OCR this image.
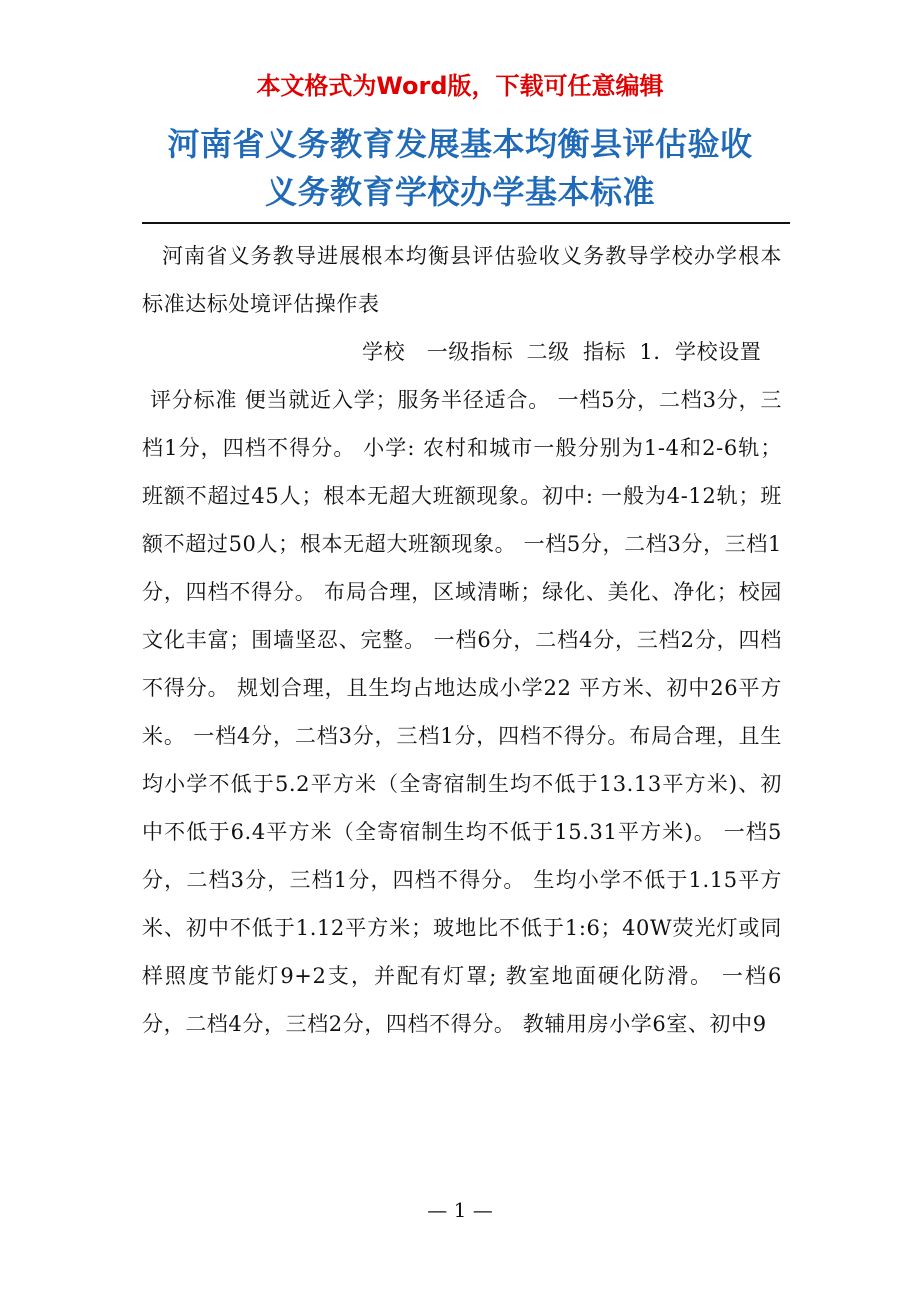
本文格式为Word版，下载可任意编辑
河南省义务教育发展基本均衡县评估验收
义务教育学校办学基本标准

河南省义务教导进展根本均衡县评估验收义务教导学校办学根本标准达标处境评估操作表

学校　一级指标 二级 指标 1．学校设置

评分标准 便当就近入学；服务半径适合。 一档5分，二档3分，三档1分，四档不得分。 小学: 农村和城市一般分别为1-4和2-6轨；班额不超过45人；根本无超大班额现象。初中: 一般为4-12轨；班额不超过50人；根本无超大班额现象。 一档5分，二档3分，三档1分，四档不得分。 布局合理，区域清晰；绿化、美化、净化；校园文化丰富；围墙坚忍、完整。 一档6分，二档4分，三档2分，四档不得分。 规划合理，且生均占地达成小学22 平方米、初中26平方米。 一档4分，二档3分，三档1分，四档不得分。布局合理，且生均小学不低于5.2平方米（全寄宿制生均不低于13.13平方米)、初中不低于6.4平方米（全寄宿制生均不低于15.31平方米)。 一档5分，二档3分，三档1分，四档不得分。 生均小学不低于1.15平方米、初中不低于1.12平方米；玻地比不低于1:6；40W荧光灯或同样照度节能灯9+2支，并配有灯罩; 教室地面硬化防滑。 一档6分，二档4分，三档2分，四档不得分。 教辅用房小学6室、初中9

— 1 —
